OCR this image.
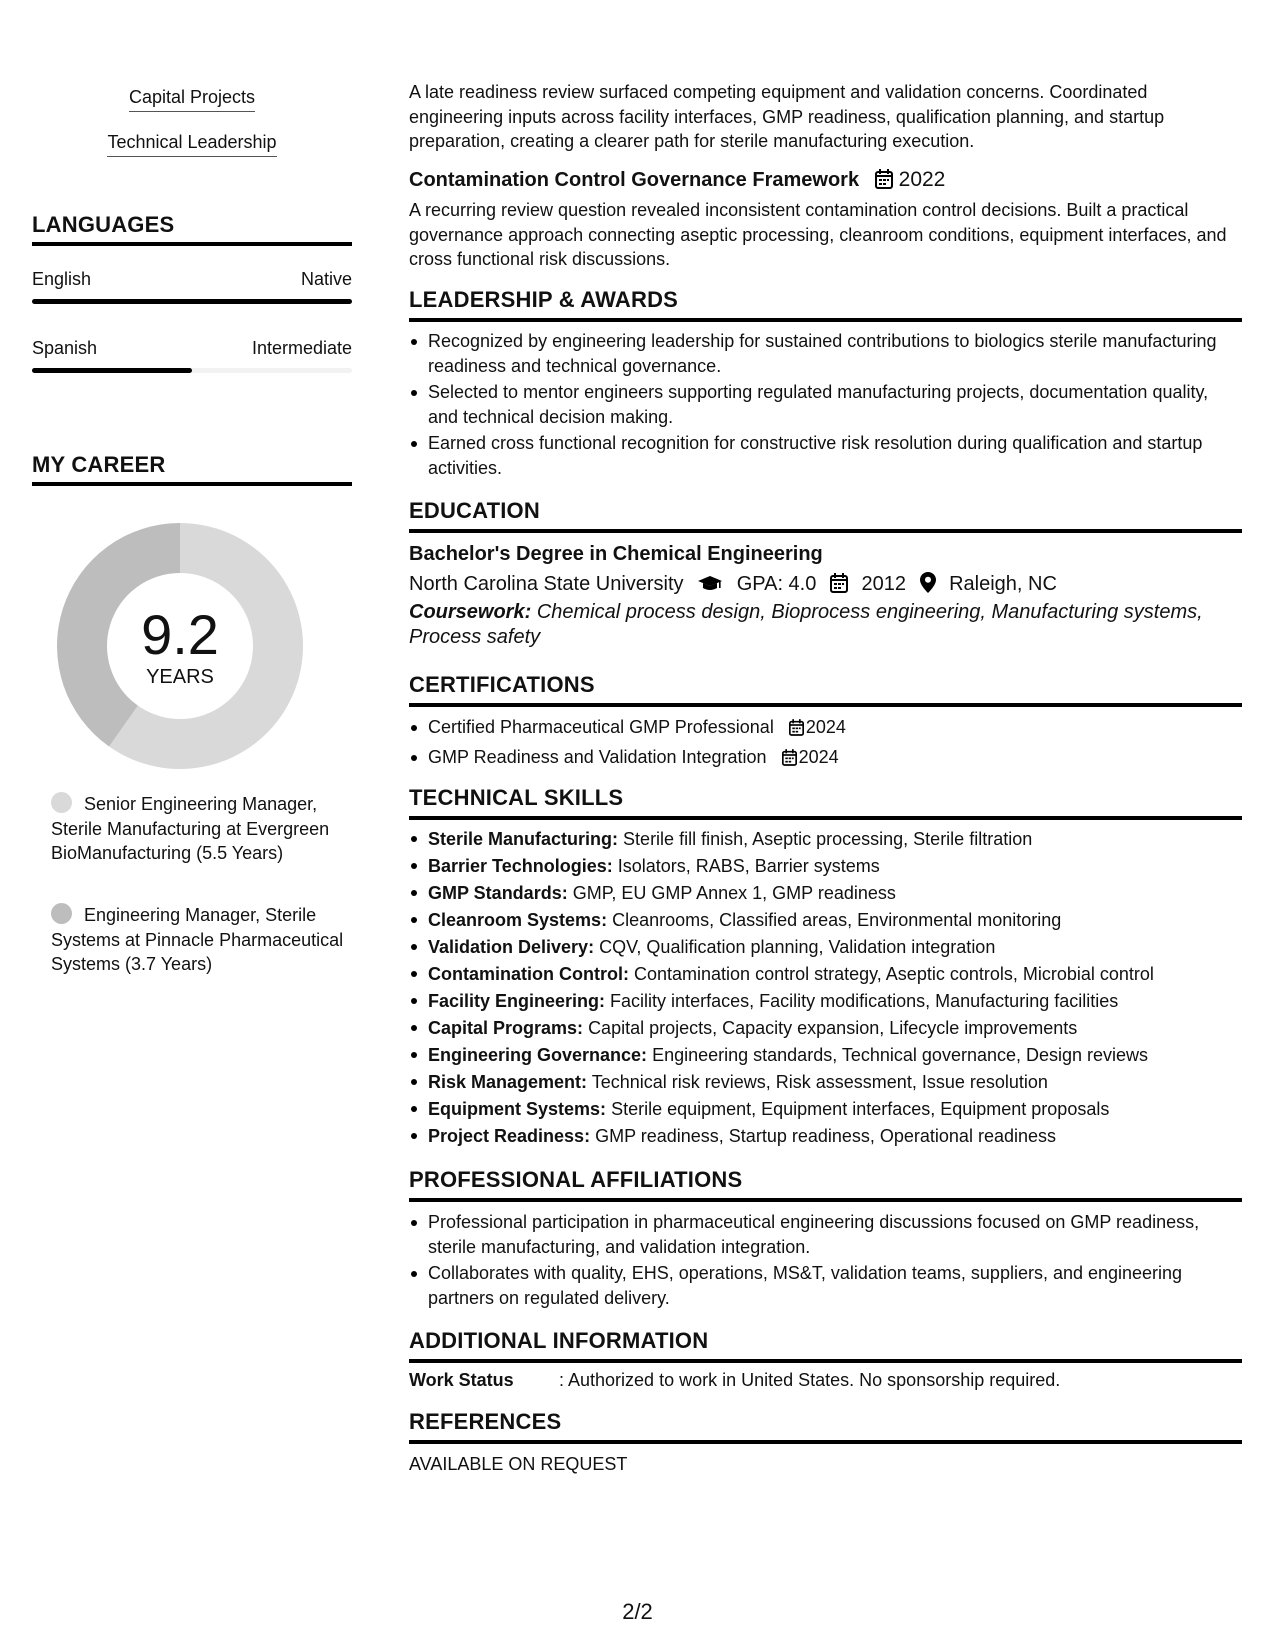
Capital Projects
Technical Leadership
LANGUAGES
English	Native
Spanish	Intermediate
MY CAREER
9.2
YEARS
Senior Engineering Manager, Sterile Manufacturing at Evergreen BioManufacturing (5.5 Years)
Engineering Manager, Sterile Systems at Pinnacle Pharmaceutical Systems (3.7 Years)
A late readiness review surfaced competing equipment and validation concerns. Coordinated engineering inputs across facility interfaces, GMP readiness, qualification planning, and startup preparation, creating a clearer path for sterile manufacturing execution.
Contamination Control Governance Framework 2022
A recurring review question revealed inconsistent contamination control decisions. Built a practical governance approach connecting aseptic processing, cleanroom conditions, equipment interfaces, and cross functional risk discussions.
LEADERSHIP & AWARDS
Recognized by engineering leadership for sustained contributions to biologics sterile manufacturing readiness and technical governance.
Selected to mentor engineers supporting regulated manufacturing projects, documentation quality, and technical decision making.
Earned cross functional recognition for constructive risk resolution during qualification and startup activities.
EDUCATION
Bachelor's Degree in Chemical Engineering
North Carolina State University	GPA: 4.0 2012 Raleigh, NC
Coursework: Chemical process design, Bioprocess engineering, Manufacturing systems, Process safety
CERTIFICATIONS
Certified Pharmaceutical GMP Professional 2024
GMP Readiness and Validation Integration 2024
TECHNICAL SKILLS
Sterile Manufacturing: Sterile fill finish, Aseptic processing, Sterile filtration
Barrier Technologies: Isolators, RABS, Barrier systems
GMP Standards: GMP, EU GMP Annex 1, GMP readiness
Cleanroom Systems: Cleanrooms, Classified areas, Environmental monitoring
Validation Delivery: CQV, Qualification planning, Validation integration
Contamination Control: Contamination control strategy, Aseptic controls, Microbial control
Facility Engineering: Facility interfaces, Facility modifications, Manufacturing facilities
Capital Programs: Capital projects, Capacity expansion, Lifecycle improvements
Engineering Governance: Engineering standards, Technical governance, Design reviews
Risk Management: Technical risk reviews, Risk assessment, Issue resolution
Equipment Systems: Sterile equipment, Equipment interfaces, Equipment proposals
Project Readiness: GMP readiness, Startup readiness, Operational readiness
PROFESSIONAL AFFILIATIONS
Professional participation in pharmaceutical engineering discussions focused on GMP readiness, sterile manufacturing, and validation integration.
Collaborates with quality, EHS, operations, MS&T, validation teams, suppliers, and engineering partners on regulated delivery.
ADDITIONAL INFORMATION
Work Status	: Authorized to work in United States. No sponsorship required.
REFERENCES
AVAILABLE ON REQUEST
2/2
